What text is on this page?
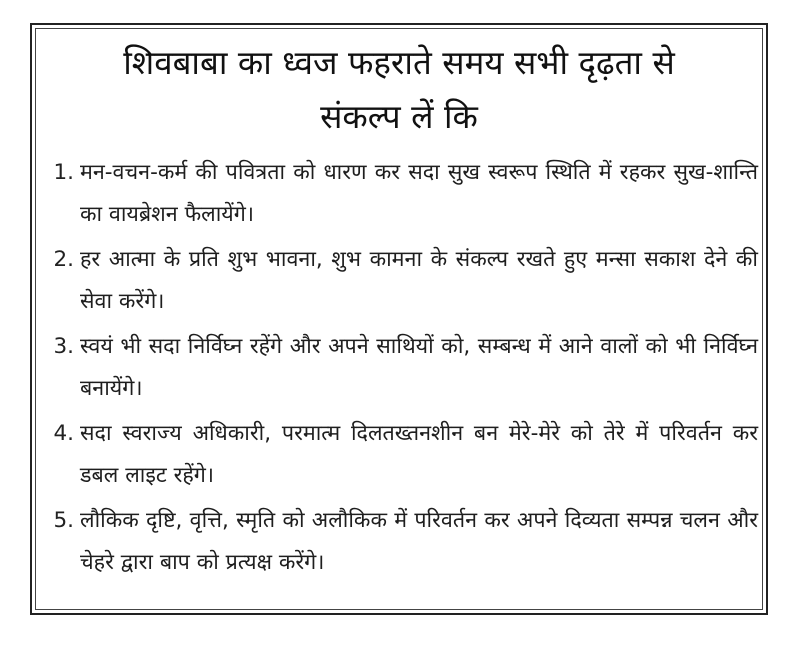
शिवबाबा का ध्वज फहराते समय सभी दृढ़ता से
संकल्प लें कि
1. मन-वचन-कर्म की पवित्रता को धारण कर सदा सुख स्वरूप स्थिति में रहकर सुख-शान्ति का वायब्रेशन फैलायेंगे।
2. हर आत्मा के प्रति शुभ भावना, शुभ कामना के संकल्प रखते हुए मन्सा सकाश देने की सेवा करेंगे।
3. स्वयं भी सदा निर्विघ्न रहेंगे और अपने साथियों को, सम्बन्ध में आने वालों को भी निर्विघ्न बनायेंगे।
4. सदा स्वराज्य अधिकारी, परमात्म दिलतख्तनशीन बन मेरे-मेरे को तेरे में परिवर्तन कर डबल लाइट रहेंगे।
5. लौकिक दृष्टि, वृत्ति, स्मृति को अलौकिक में परिवर्तन कर अपने दिव्यता सम्पन्न चलन और चेहरे द्वारा बाप को प्रत्यक्ष करेंगे।
